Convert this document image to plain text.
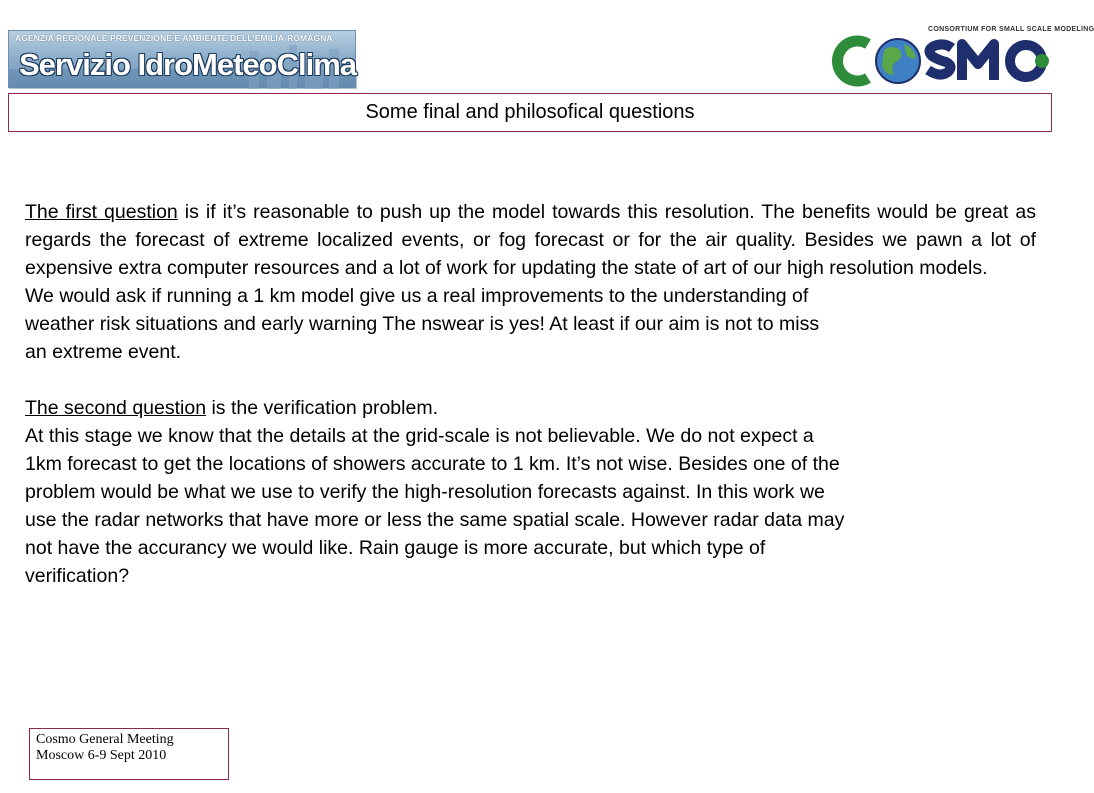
AGENZIA REGIONALE PREVENZIONE E AMBIENTE DELL'EMILIA-ROMAGNA
Servizio IdroMeteoClima
CONSORTIUM FOR SMALL SCALE MODELING
Some final and philosofical questions

The first question is if it’s reasonable to push up the model towards this resolution. The benefits would be great as regards the forecast of extreme localized events, or fog forecast or for the air quality. Besides we pawn a lot of expensive extra computer resources and a lot of work for updating the state of art of our high resolution models.

We would ask if running a 1 km model give us a real improvements to the understanding of
weather risk situations and early warning The nswear is yes! At least if our aim is not to miss
an extreme event.

The second question is the verification problem.

At this stage we know that the details at the grid-scale is not believable. We do not expect a
1km forecast to get the locations of showers accurate to 1 km. It’s not wise. Besides one of the
problem would be what we use to verify the high-resolution forecasts against. In this work we
use the radar networks that have more or less the same spatial scale. However radar data may
not have the accurancy we would like. Rain gauge is more accurate, but which type of
verification?

Cosmo General Meeting
Moscow 6-9 Sept 2010
